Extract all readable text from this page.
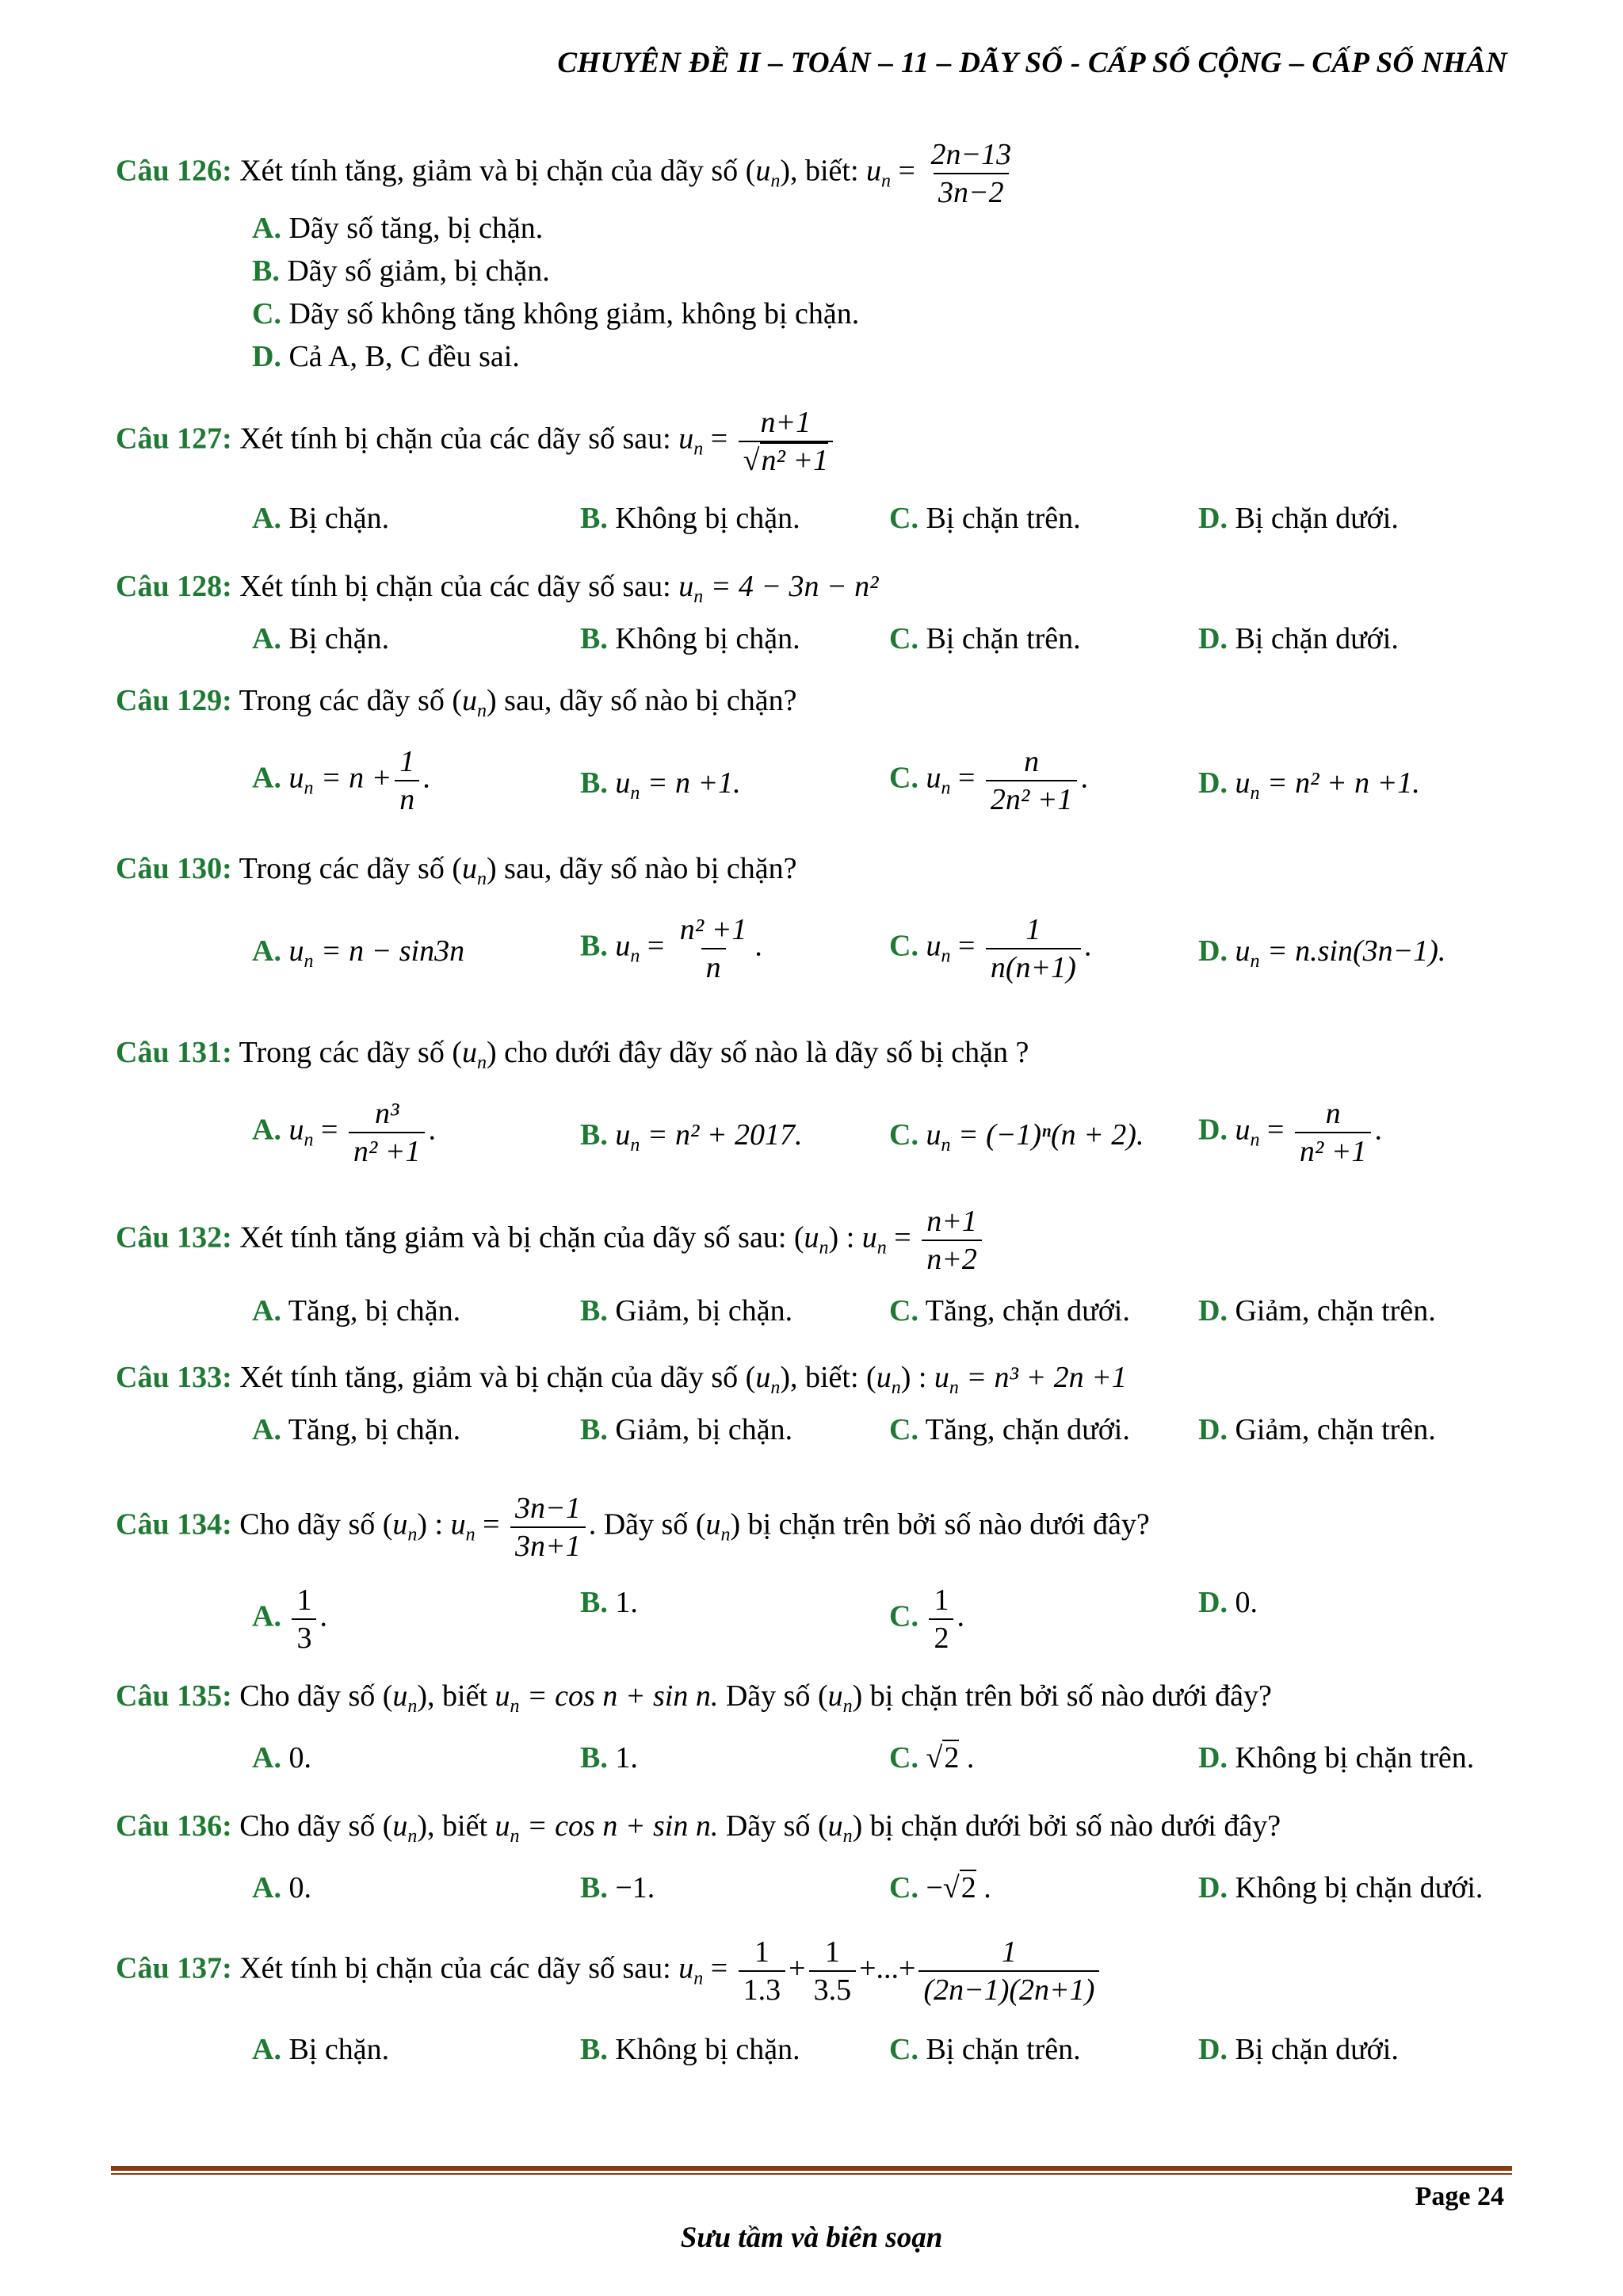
CHUYÊN ĐỀ II – TOÁN – 11 – DÃY SỐ - CẤP SỐ CỘNG – CẤP SỐ NHÂN
Câu 126: Xét tính tăng, giảm và bị chặn của dãy số $(u_n)$, biết: $u_n = \frac{2n-13}{3n-2}$
A. Dãy số tăng, bị chặn.
B. Dãy số giảm, bị chặn.
C. Dãy số không tăng không giảm, không bị chặn.
D. Cả A, B, C đều sai.
Câu 127: Xét tính bị chặn của các dãy số sau: $u_n = \frac{n+1}{\text{√n² +1}}$
A. Bị chặn.	B. Không bị chặn.	C. Bị chặn trên.	D. Bị chặn dưới.
Câu 128: Xét tính bị chặn của các dãy số sau: $u_n = 4 - 3n - n^2$
A. Bị chặn.	B. Không bị chặn.	C. Bị chặn trên.	D. Bị chặn dưới.
Câu 129: Trong các dãy số $(u_n)$ sau, dãy số nào bị chặn?
A. $u_n = n + \frac{1}{n}$ .	B. $u_n = n +1$.	C. $u_n = \frac{n}{\text{2n² +1}}$ .	D. $u_n = n^2 + n +1$.
Câu 130: Trong các dãy số $(u_n)$ sau, dãy số nào bị chặn?
A. $u_n = n - \sin 3n$	B. $u_n = \frac{\text{n² +1}}{n}$ .	C. $u_n = \frac{1}{n(n+1)}$ .	D. $u_n = n.\sin(3n-1)$.
Câu 131: Trong các dãy số $(u_n)$ cho dưới đây dãy số nào là dãy số bị chặn ?
A. $u_n = \frac{\text{n³}}{\text{n² +1}}$ .	B. $u_n = n^2 + 2017$.	C. $u_n = (-1)^n(n + 2)$. D. $u_n = \frac{n}{\text{n² +1}}$ .
Câu 132: Xét tính tăng giảm và bị chặn của dãy số sau: $(u_n)$ : $u_n = \frac{n+1}{n+2}$
A. Tăng, bị chặn.	B. Giảm, bị chặn.	C. Tăng, chặn dưới. D. Giảm, chặn trên.
Câu 133: Xét tính tăng, giảm và bị chặn của dãy số $(u_n)$, biết: $(u_n)$ : $u_n = n^3 + 2n +1$
A. Tăng, bị chặn.	B. Giảm, bị chặn.	C. Tăng, chặn dưới. D. Giảm, chặn trên.
Câu 134: Cho dãy số $(u_n)$ : $u_n = \frac{3n-1}{3n+1}$ . Dãy số $(u_n)$ bị chặn trên bởi số nào dưới đây?
A. $\frac{1}{3}$ .	B. 1.	C. $\frac{1}{2}$ .	D. 0.
Câu 135: Cho dãy số $(u_n)$, biết $u_n = \cos n + \sin n$. Dãy số $(u_n)$ bị chặn trên bởi số nào dưới đây?
A. 0.	B. 1.	C. √2 .	D. Không bị chặn trên.
Câu 136: Cho dãy số $(u_n)$, biết $u_n = \cos n + \sin n$. Dãy số $(u_n)$ bị chặn dưới bởi số nào dưới đây?
A. 0.	B. −1.	C. −√2 .	D. Không bị chặn dưới.
Câu 137: Xét tính bị chặn của các dãy số sau: $u_n = \frac{1}{1.3} + \frac{1}{3.5}$ +...+ $\frac{1}{(2n-1)(2n+1)}$
A. Bị chặn.	B. Không bị chặn.	C. Bị chặn trên.	D. Bị chặn dưới.
Page 24
Sưu tầm và biên soạn
